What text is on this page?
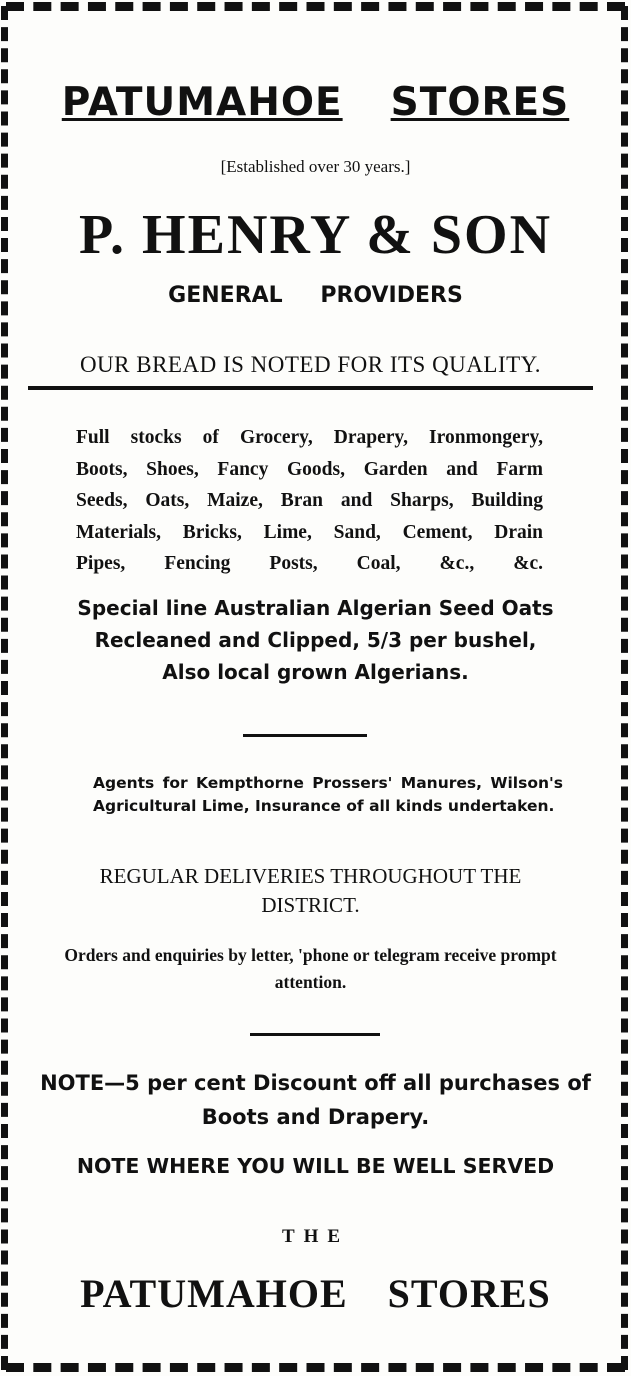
PATUMAHOE STORES
[Established over 30 years.]
P. HENRY & SON
GENERAL PROVIDERS
OUR BREAD IS NOTED FOR ITS QUALITY.
Full stocks of Grocery, Drapery, Ironmongery,
Boots, Shoes, Fancy Goods, Garden and Farm
Seeds, Oats, Maize, Bran and Sharps, Building
Materials, Bricks, Lime, Sand, Cement, Drain
Pipes, Fencing Posts, Coal, &c., &c.
Special line Australian Algerian Seed Oats
Recleaned and Clipped, 5/3 per bushel,
Also local grown Algerians.
Agents for Kempthorne Prossers' Manures, Wilson's Agricultural Lime, Insurance of all kinds undertaken.
REGULAR DELIVERIES THROUGHOUT THE DISTRICT.
Orders and enquiries by letter, 'phone or telegram receive prompt attention.
NOTE—5 per cent Discount off all purchases of Boots and Drapery.
NOTE WHERE YOU WILL BE WELL SERVED
THE
PATUMAHOE STORES
